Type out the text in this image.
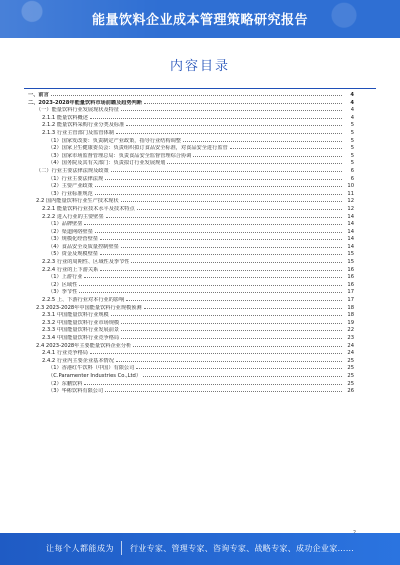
能量饮料企业成本管理策略研究报告
内容目录
一、前言	4
二、2023-2028年能量饮料市场前瞻及趋势判断	4
（一）能量饮料行业发展现状及特征	4
2.1.1 能量饮料概述	4
2.1.2 能量饮料采购行业分类及标准	5
2.1.3 行业主管部门及监管体制	5
（1）国家发改委：负责制定产业政策，指导行业结构调整	5
（2）国家卫生健康委员会：负责组织拟订食品安全标准，对食品安全进行监管	5
（3）国家市场监督管理总局：负责食品安全监督管理综合协调	5
（4）国务院及其有关部门：负责拟订行业发展规划	5
（二）行业主要法律法规及政策	6
（1）行业主要法律法规	6
（2）主要产业政策	10
（3）行业标准规范	11
2.2 国内能量饮料行业生产技术现状	12
2.2.1 能量饮料行业技术水平及技术特点	12
2.2.2 进入行业的主要壁垒	14
（1）品牌壁垒	14
（2）渠道网络壁垒	14
（3）规模化经营壁垒	14
（4）食品安全及质量控制壁垒	14
（5）资金及规模壁垒	15
2.2.3 行业的周期性、区域性及季节性	15
2.2.4 行业的上下游关系	16
（1）上游行业	16
（2）区域性	16
（3）季节性	17
2.2.5 上、下游行业对本行业的影响	17
2.3 2023-2028年中国能量饮料行业规模预测	18
2.3.1 中国能量饮料行业规模	18
2.3.2 中国能量饮料行业市场规模	19
2.3.3 中国能量饮料行业发展前景	22
2.3.4 中国能量饮料行业竞争格局	23
2.4 2023-2028年主要能量饮料企业分析	24
2.4.1 行业竞争格局	24
2.4.2 行业内主要企业基本情况	25
（1）香港红牛饮料（中国）有限公司	25
（C.Paramenter Industries Co.,Ltd）	25
（2）东鹏饮料	25
（3）华彬饮料有限公司	26
让每个人都能成为 行业专家、管理专家、咨询专家、战略专家、成功企业家……
